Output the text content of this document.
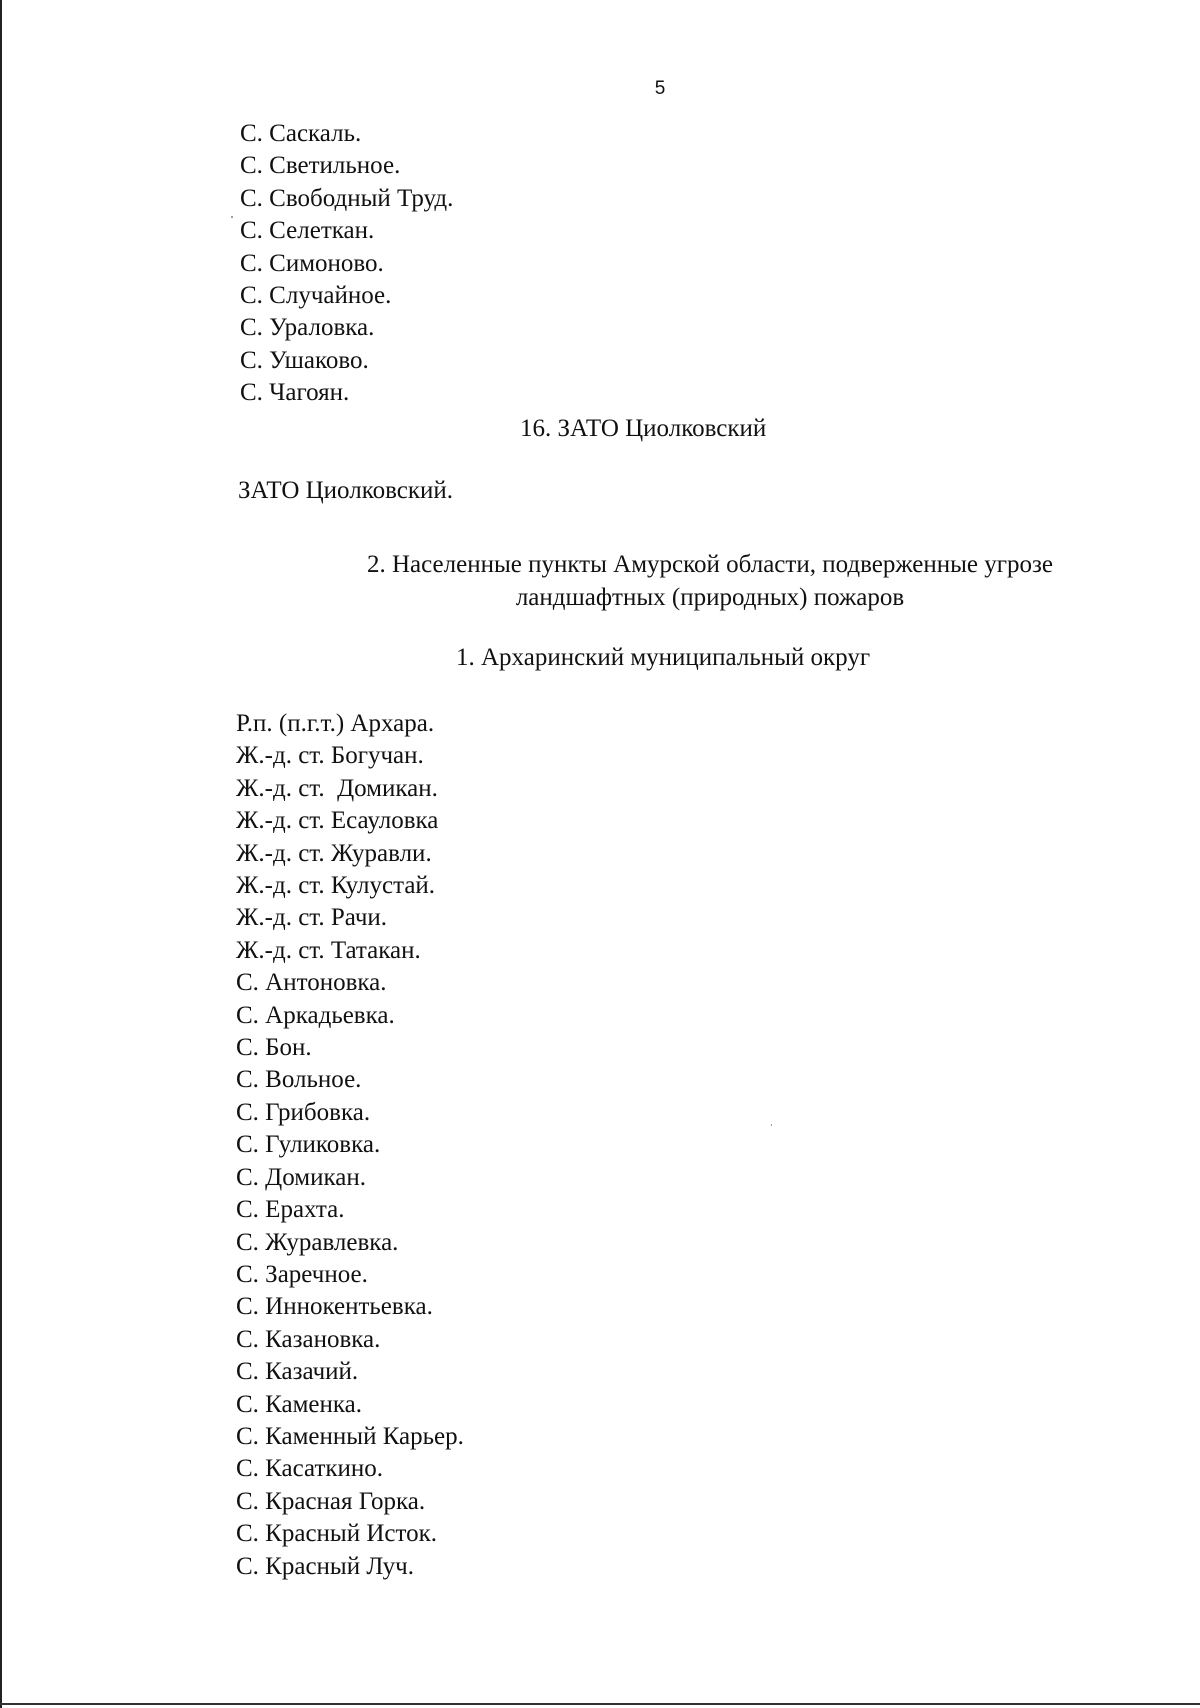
5
С. Саскаль.
С. Светильное.
С. Свободный Труд.
С. Селеткан.
С. Симоново.
С. Случайное.
С. Ураловка.
С. Ушаково.
С. Чагоян.
16. ЗАТО Циолковский
ЗАТО Циолковский.
2. Населенные пункты Амурской области, подверженные угрозе
ландшафтных (природных) пожаров
1. Архаринский муниципальный округ
Р.п. (п.г.т.) Архара.
Ж.-д. ст. Богучан.
Ж.-д. ст.  Домикан.
Ж.-д. ст. Есауловка
Ж.-д. ст. Журавли.
Ж.-д. ст. Кулустай.
Ж.-д. ст. Рачи.
Ж.-д. ст. Татакан.
С. Антоновка.
С. Аркадьевка.
С. Бон.
С. Вольное.
С. Грибовка.
С. Гуликовка.
С. Домикан.
С. Ерахта.
С. Журавлевка.
С. Заречное.
С. Иннокентьевка.
С. Казановка.
С. Казачий.
С. Каменка.
С. Каменный Карьер.
С. Касаткино.
С. Красная Горка.
С. Красный Исток.
С. Красный Луч.
